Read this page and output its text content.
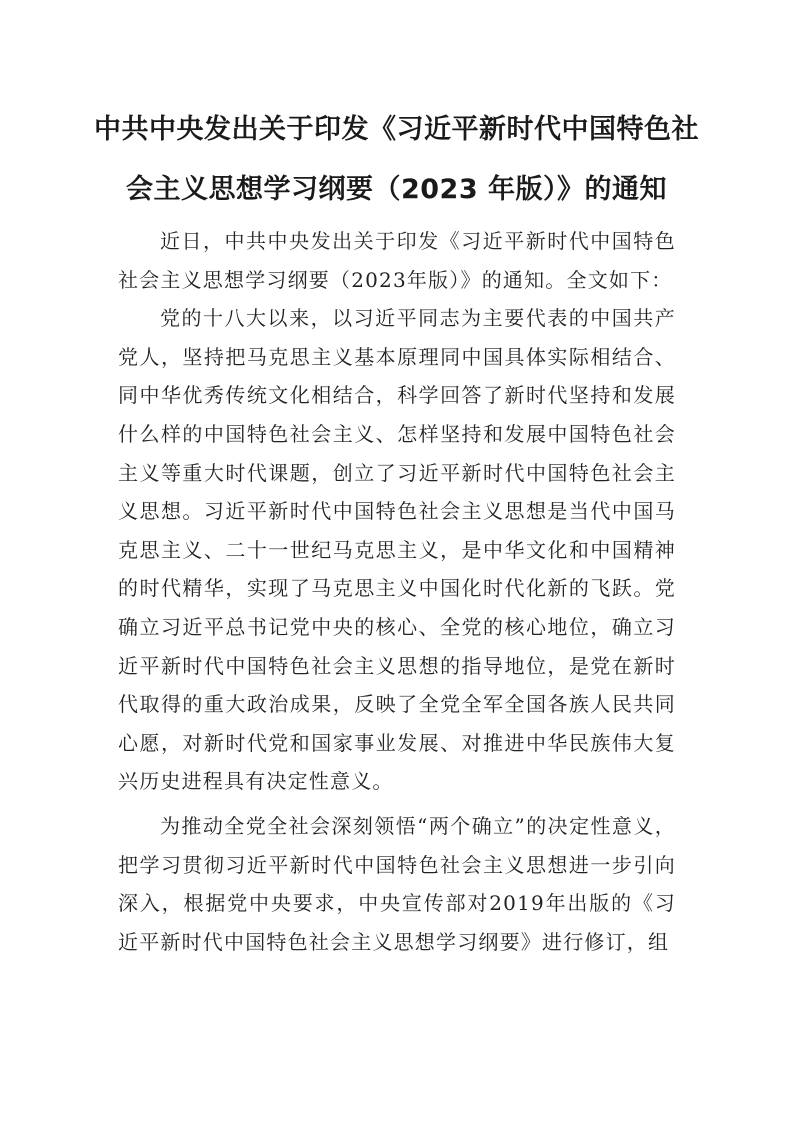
中共中央发出关于印发《习近平新时代中国特色社
会主义思想学习纲要（2023 年版）》的通知

近日，中共中央发出关于印发《习近平新时代中国特色社会主义思想学习纲要（2023年版）》的通知。全文如下：

党的十八大以来，以习近平同志为主要代表的中国共产党人，坚持把马克思主义基本原理同中国具体实际相结合、同中华优秀传统文化相结合，科学回答了新时代坚持和发展什么样的中国特色社会主义、怎样坚持和发展中国特色社会主义等重大时代课题，创立了习近平新时代中国特色社会主义思想。习近平新时代中国特色社会主义思想是当代中国马克思主义、二十一世纪马克思主义，是中华文化和中国精神的时代精华，实现了马克思主义中国化时代化新的飞跃。党确立习近平总书记党中央的核心、全党的核心地位，确立习近平新时代中国特色社会主义思想的指导地位，是党在新时代取得的重大政治成果，反映了全党全军全国各族人民共同心愿，对新时代党和国家事业发展、对推进中华民族伟大复兴历史进程具有决定性意义。

为推动全党全社会深刻领悟“两个确立”的决定性意义，把学习贯彻习近平新时代中国特色社会主义思想进一步引向深入，根据党中央要求，中央宣传部对2019年出版的《习近平新时代中国特色社会主义思想学习纲要》进行修订，组
